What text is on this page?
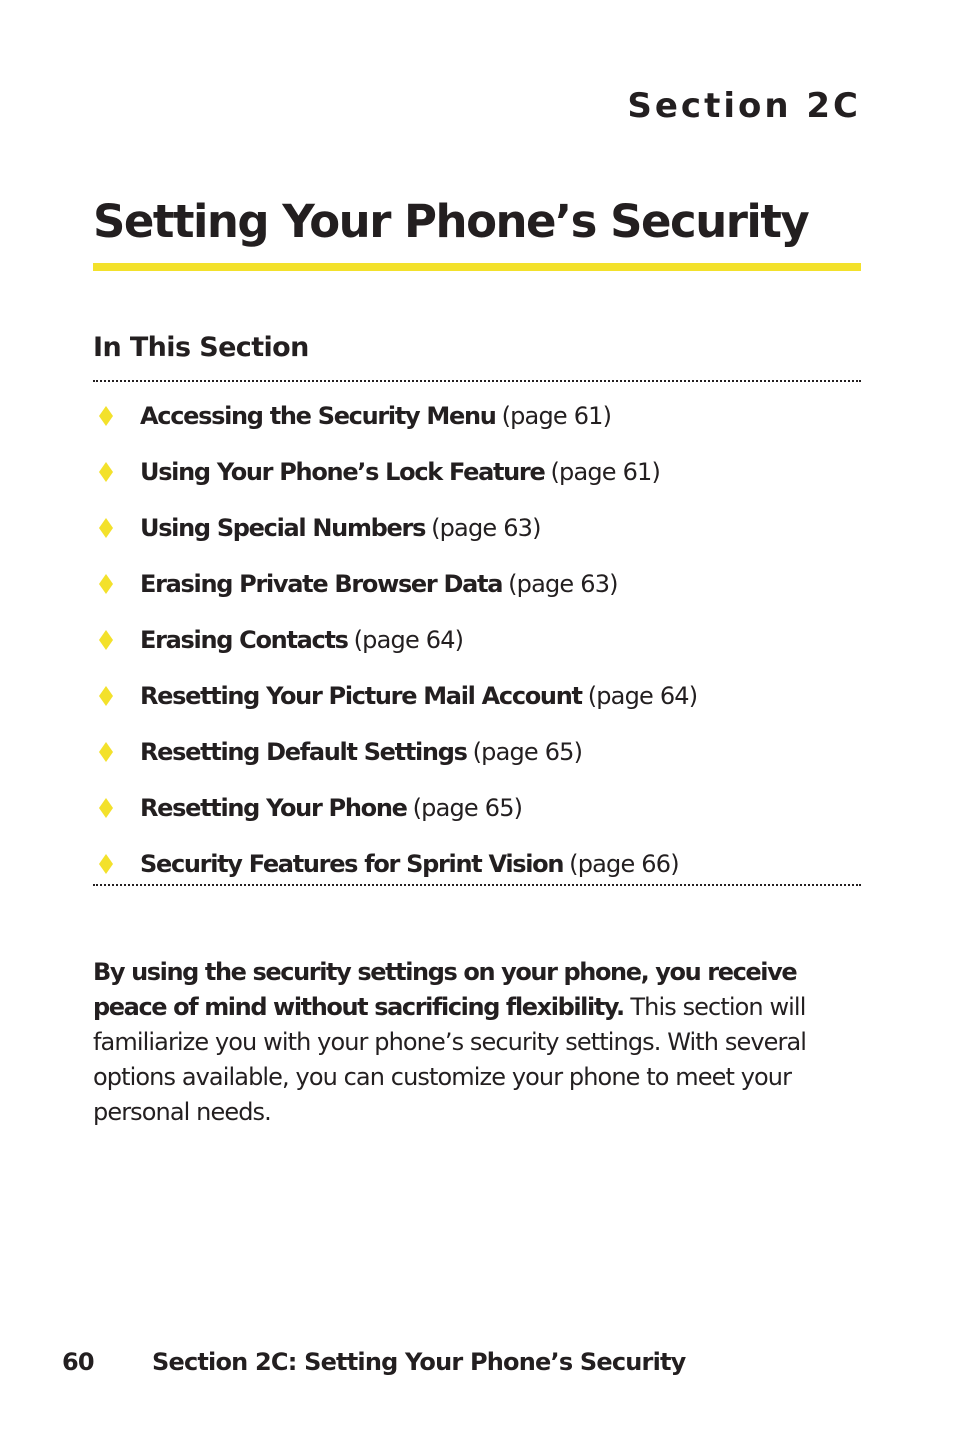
Section 2C
Setting Your Phone’s Security
In This Section
Accessing the Security Menu (page 61)
Using Your Phone’s Lock Feature (page 61)
Using Special Numbers (page 63)
Erasing Private Browser Data (page 63)
Erasing Contacts (page 64)
Resetting Your Picture Mail Account (page 64)
Resetting Default Settings (page 65)
Resetting Your Phone (page 65)
Security Features for Sprint Vision (page 66)

By using the security settings on your phone, you receive peace of mind without sacrificing flexibility. This section will familiarize you with your phone’s security settings. With several options available, you can customize your phone to meet your personal needs.

60 Section 2C: Setting Your Phone’s Security
